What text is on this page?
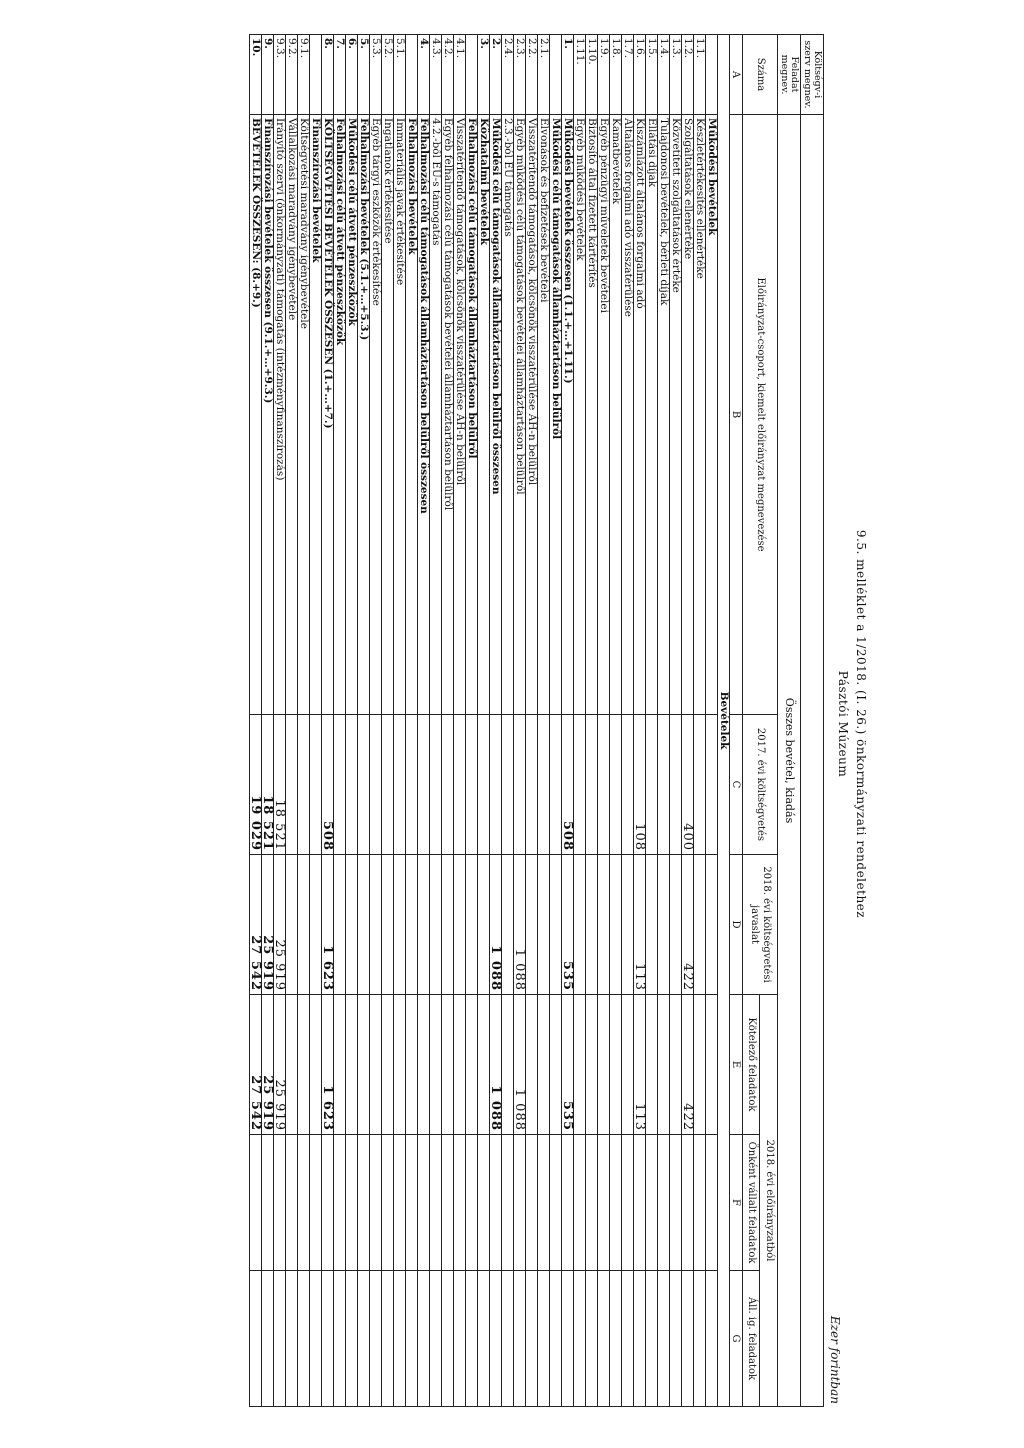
9.5. melléklet a 1/2018. (I. 26.) önkormányzati rendelethez
Pásztói Múzeum
Ezer forintban
Költségv-i szerv megnev.						
Feladat megnev.	Összes bevétel, kiadás					
Száma	Előirányzat-csoport, kiemelt előirányzat megnevezése	2017. évi költségvetés	2018. évi költségvetési javaslat	2018. évi előirányzatból		
				Kötelező feladatok	Önként vállalt feladatok	Áll. ig. feladatok
A	B	C	D	E	F	G
Bevételek						
	Működési bevételek					
1.1.	Készletértékesítés ellenértéke					
1.2.	Szolgáltatások ellenértéke	400	422	422		
1.3.	Közvetített szolgáltatások értéke					
1.4.	Tulajdonosi bevételek, bérleti díjak					
1.5.	Ellátási díjak					
1.6.	Kiszámlázott általános forgalmi adó	108	113	113		
1.7.	Általános forgalmi adó visszatérülése					
1.8.	Kamatbevételek					
1.9.	Egyéb pénzügyi műveletek bevételei					
1.10.	Biztosító által fizetett kártérítés					
1.11.	Egyéb működési bevételek					
1.	Működési bevételek összesen (1.1.+…+1.11.)	508	535	535		
	Működési célú támogatások államháztartáson belülről					
2.1.	Elvonások és befizetések bevételei					
2.2.	Visszatérítendő támogatások, kölcsönök visszatérülése ÁH-n belülről					
2.3.	Egyéb működési célú támogatások bevételei államháztartáson belülről		1 088	1 088		
2.4.	2.3.-ból EU támogatás					
2.	Működési célú támogatások államháztartáson belülről összesen		1 088	1 088		
3.	Közhatalmi bevételek					
	Felhalmozási célú támogatások államháztartáson belülről					
4.1.	Visszatérítendő támogatások, kölcsönök visszatérülése ÁH-n belülről					
4.2.	Egyéb felhalmozási célú támogatások bevételei államháztartáson belülről					
4.3.	4.2.-ből EU-s támogatás					
4.	Felhalmozási célú támogatások államháztartáson belülről összesen					
	Felhalmozási bevételek					
5.1.	Immateriális javak értékesítése					
5.2.	Ingatlanok értékesítése					
5.3.	Egyéb tárgyi eszközök értékesítése					
5.	Felhalmozási bevételek (5.1.+…+5.3.)					
6.	Működési célú átvett pénzeszközök					
7.	Felhalmozási célú átvett pénzeszközök					
8.	KÖLTSÉGVETÉSI BEVÉTELEK ÖSSZESEN (1.+…+7.)	508	1 623	1 623		
	Finanszírozási bevételek					
9.1.	Költségvetési maradvány igénybevétele					
9.2.	Vállalkozási maradvány igénybevétele					
9.3.	Irányító szervi (önkormányzati) támogatás (intézményfinanszírozás)	18 521	25 919	25 919		
9.	Finanszírozási bevételek összesen (9.1.+…+9.3.)	18 521	25 919	25 919		
10.	BEVÉTELEK ÖSSZESEN: (8.+9.)	19 029	27 542	27 542		
